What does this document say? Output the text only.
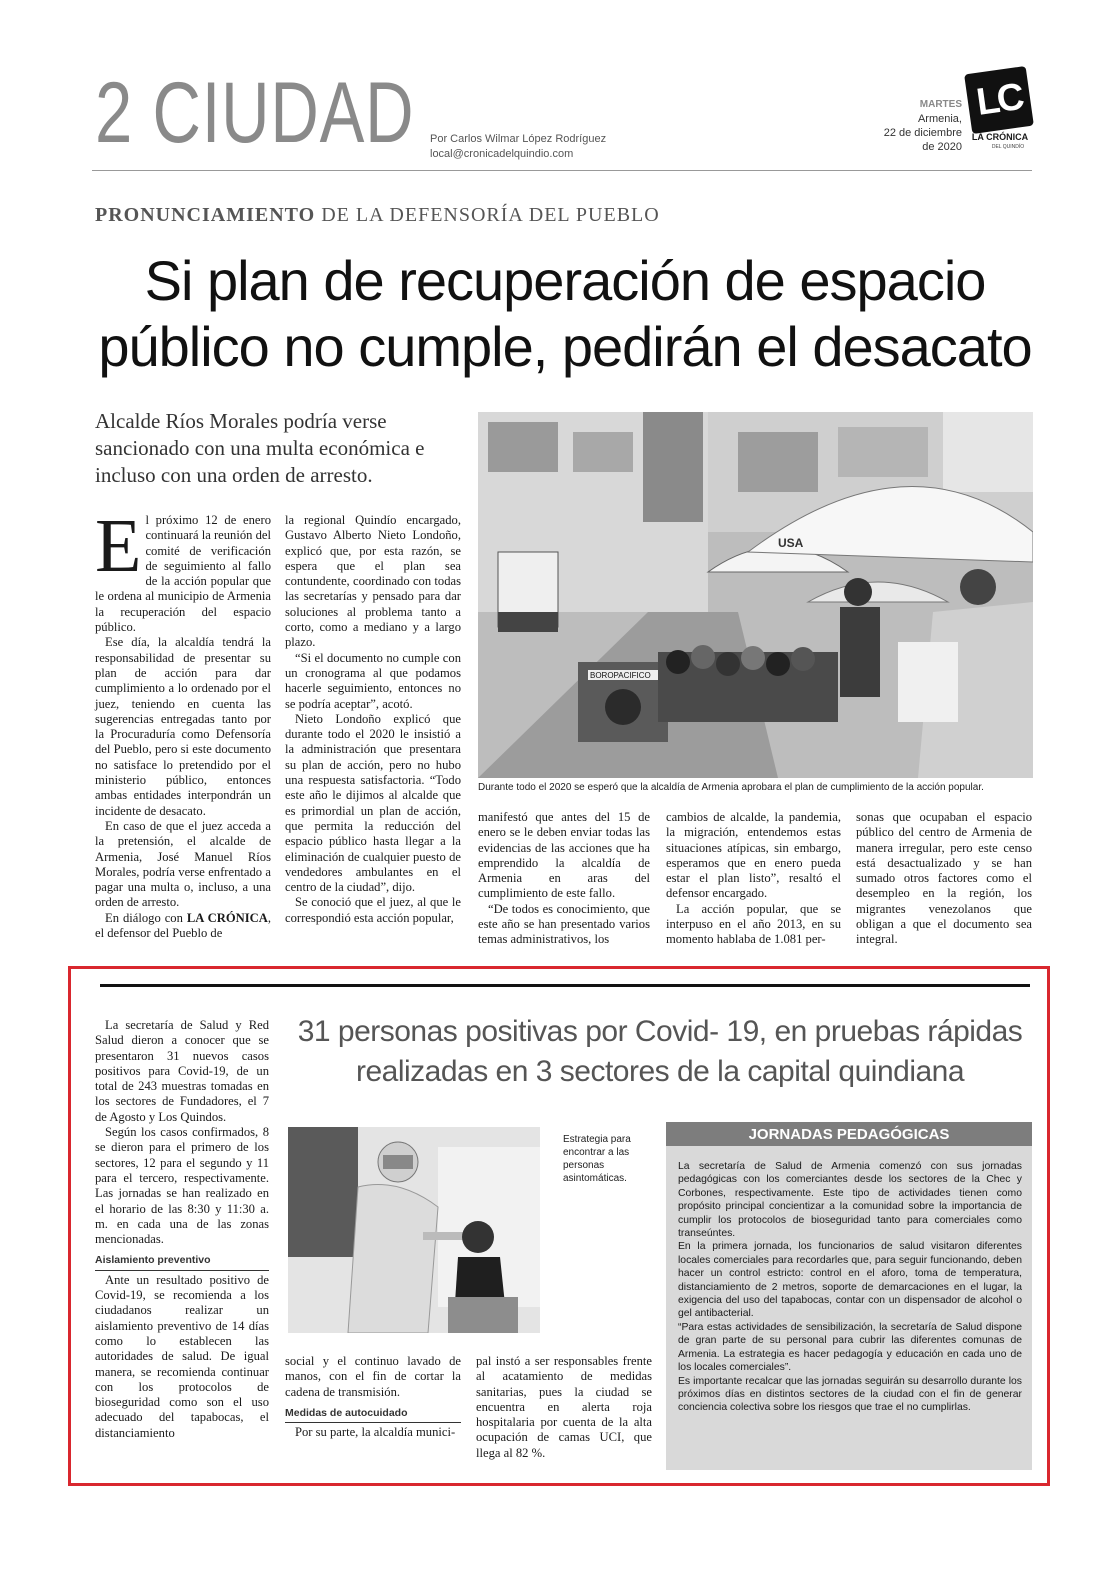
2 CIUDAD Por Carlos Wilmar López Rodríguez
local@cronicadelquindio.com
MARTES
Armenia,
22 de diciembre
de 2020
LC
LA CRÓNICA
DEL QUINDÍO
PRONUNCIAMIENTO DE LA DEFENSORÍA DEL PUEBLO
Si plan de recuperación de espacio
público no cumple, pedirán el desacato
Alcalde Ríos Morales podría verse sancionado con una multa económica e incluso con una orden de arresto.

El próximo 12 de enero continuará la reunión del comité de verificación de seguimiento al fallo de la acción popular que le ordena al municipio de Armenia la recuperación del espacio público.

Ese día, la alcaldía tendrá la responsabilidad de presentar su plan de acción para dar cumplimiento a lo ordenado por el juez, teniendo en cuenta las sugerencias entregadas tanto por la Procuraduría como Defensoría del Pueblo, pero si este documento no satisface lo pretendido por el ministerio público, entonces ambas entidades interpondrán un incidente de desacato.

En caso de que el juez acceda a la pretensión, el alcalde de Armenia, José Manuel Ríos Morales, podría verse enfrentado a pagar una multa o, incluso, a una orden de arresto.

En diálogo con LA CRÓNICA, el defensor del Pueblo de

la regional Quindío encargado, Gustavo Alberto Nieto Londoño, explicó que, por esta razón, se espera que el plan sea contundente, coordinado con todas las secretarías y pensado para dar soluciones al problema tanto a corto, como a mediano y a largo plazo.

“Si el documento no cumple con un cronograma al que podamos hacerle seguimiento, entonces no se podría aceptar”, acotó.

Nieto Londoño explicó que durante todo el 2020 le insistió a la administración que presentara su plan de acción, pero no hubo una respuesta satisfactoria. “Todo este año le dijimos al alcalde que es primordial un plan de acción, que permita la reducción del espacio público hasta llegar a la eliminación de cualquier puesto de vendedores ambulantes en el centro de la ciudad”, dijo.

Se conoció que el juez, al que le correspondió esta acción popular,

USA
BOROPACIFICO
Durante todo el 2020 se esperó que la alcaldía de Armenia aprobara el plan de cumplimiento de la acción popular.

manifestó que antes del 15 de enero se le deben enviar todas las evidencias de las acciones que ha emprendido la alcaldía de Armenia en aras del cumplimiento de este fallo.

“De todos es conocimiento, que este año se han presentado varios temas administrativos, los

cambios de alcalde, la pandemia, la migración, entendemos estas situaciones atípicas, sin embargo, esperamos que en enero pueda estar el plan listo”, resaltó el defensor encargado.

La acción popular, que se interpuso en el año 2013, en su momento hablaba de 1.081 per-

sonas que ocupaban el espacio público del centro de Armenia de manera irregular, pero este censo está desactualizado y se han sumado otros factores como el desempleo en la región, los migrantes venezolanos que obligan a que el documento sea integral.

31 personas positivas por Covid- 19, en pruebas rápidas
realizadas en 3 sectores de la capital quindiana

La secretaría de Salud y Red Salud dieron a conocer que se presentaron 31 nuevos casos positivos para Covid-19, de un total de 243 muestras tomadas en los sectores de Fundadores, el 7 de Agosto y Los Quindos.

Según los casos confirmados, 8 se dieron para el primero de los sectores, 12 para el segundo y 11 para el tercero, respectivamente. Las jornadas se han realizado en el horario de las 8:30 y 11:30 a. m. en cada una de las zonas mencionadas.

Aislamiento preventivo

Ante un resultado positivo de Covid-19, se recomienda a los ciudadanos realizar un aislamiento preventivo de 14 días como lo establecen las autoridades de salud. De igual manera, se recomienda continuar con los protocolos de bioseguridad como son el uso adecuado del tapabocas, el distanciamiento

Estrategia para encontrar a las personas asintomáticas.

social y el continuo lavado de manos, con el fin de cortar la cadena de transmisión.

Medidas de autocuidado

Por su parte, la alcaldía munici-

pal instó a ser responsables frente al acatamiento de medidas sanitarias, pues la ciudad se encuentra en alerta roja hospitalaria por cuenta de la alta ocupación de camas UCI, que llega al 82 %.

JORNADAS PEDAGÓGICAS

La secretaría de Salud de Armenia comenzó con sus jornadas pedagógicas con los comerciantes desde los sectores de la Chec y Corbones, respectivamente. Este tipo de actividades tienen como propósito principal concientizar a la comunidad sobre la importancia de cumplir los protocolos de bioseguridad tanto para comerciales como transeúntes.

En la primera jornada, los funcionarios de salud visitaron diferentes locales comerciales para recordarles que, para seguir funcionando, deben hacer un control estricto: control en el aforo, toma de temperatura, distanciamiento de 2 metros, soporte de demarcaciones en el lugar, la exigencia del uso del tapabocas, contar con un dispensador de alcohol o gel antibacterial.

“Para estas actividades de sensibilización, la secretaría de Salud dispone de gran parte de su personal para cubrir las diferentes comunas de Armenia. La estrategia es hacer pedagogía y educación en cada uno de los locales comerciales”.

Es importante recalcar que las jornadas seguirán su desarrollo durante los próximos días en distintos sectores de la ciudad con el fin de generar conciencia colectiva sobre los riesgos que trae el no cumplirlas.
